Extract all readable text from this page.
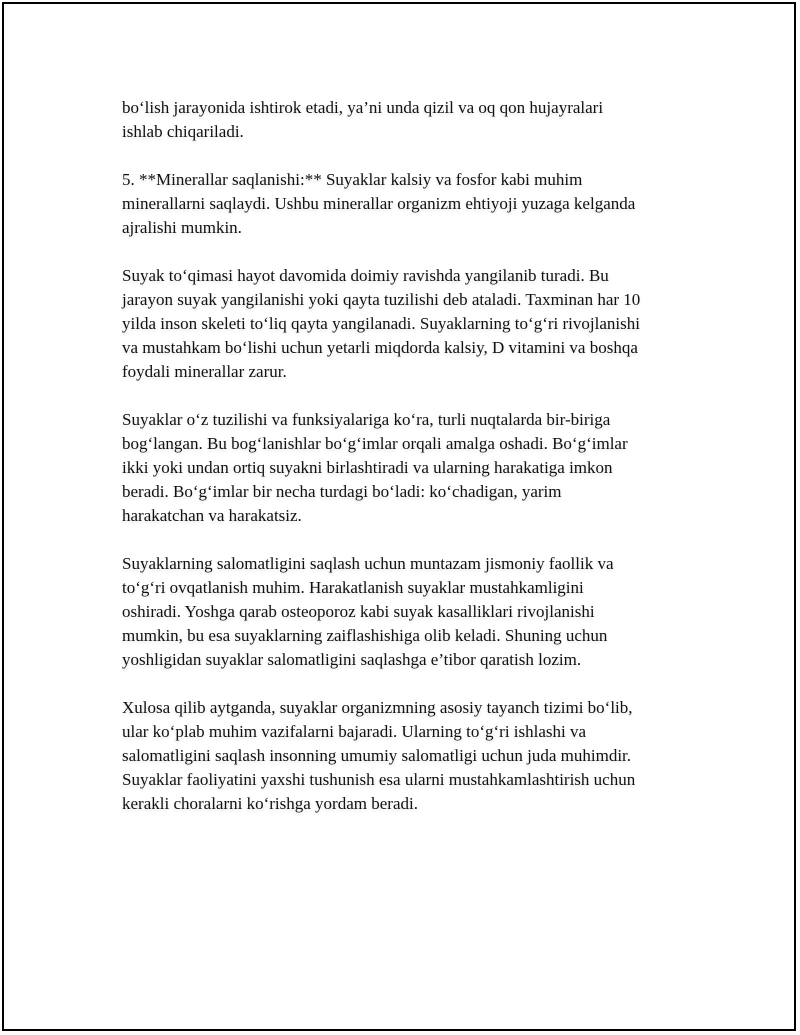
bo‘lish jarayonida ishtirok etadi, ya’ni unda qizil va oq qon hujayralari
ishlab chiqariladi.

5. **Minerallar saqlanishi:** Suyaklar kalsiy va fosfor kabi muhim
minerallarni saqlaydi. Ushbu minerallar organizm ehtiyoji yuzaga kelganda
ajralishi mumkin.

Suyak to‘qimasi hayot davomida doimiy ravishda yangilanib turadi. Bu
jarayon suyak yangilanishi yoki qayta tuzilishi deb ataladi. Taxminan har 10
yilda inson skeleti to‘liq qayta yangilanadi. Suyaklarning to‘g‘ri rivojlanishi
va mustahkam bo‘lishi uchun yetarli miqdorda kalsiy, D vitamini va boshqa
foydali minerallar zarur.

Suyaklar o‘z tuzilishi va funksiyalariga ko‘ra, turli nuqtalarda bir-biriga
bog‘langan. Bu bog‘lanishlar bo‘g‘imlar orqali amalga oshadi. Bo‘g‘imlar
ikki yoki undan ortiq suyakni birlashtiradi va ularning harakatiga imkon
beradi. Bo‘g‘imlar bir necha turdagi bo‘ladi: ko‘chadigan, yarim
harakatchan va harakatsiz.

Suyaklarning salomatligini saqlash uchun muntazam jismoniy faollik va
to‘g‘ri ovqatlanish muhim. Harakatlanish suyaklar mustahkamligini
oshiradi. Yoshga qarab osteoporoz kabi suyak kasalliklari rivojlanishi
mumkin, bu esa suyaklarning zaiflashishiga olib keladi. Shuning uchun
yoshligidan suyaklar salomatligini saqlashga e’tibor qaratish lozim.

Xulosa qilib aytganda, suyaklar organizmning asosiy tayanch tizimi bo‘lib,
ular ko‘plab muhim vazifalarni bajaradi. Ularning to‘g‘ri ishlashi va
salomatligini saqlash insonning umumiy salomatligi uchun juda muhimdir.
Suyaklar faoliyatini yaxshi tushunish esa ularni mustahkamlashtirish uchun
kerakli choralarni ko‘rishga yordam beradi.
